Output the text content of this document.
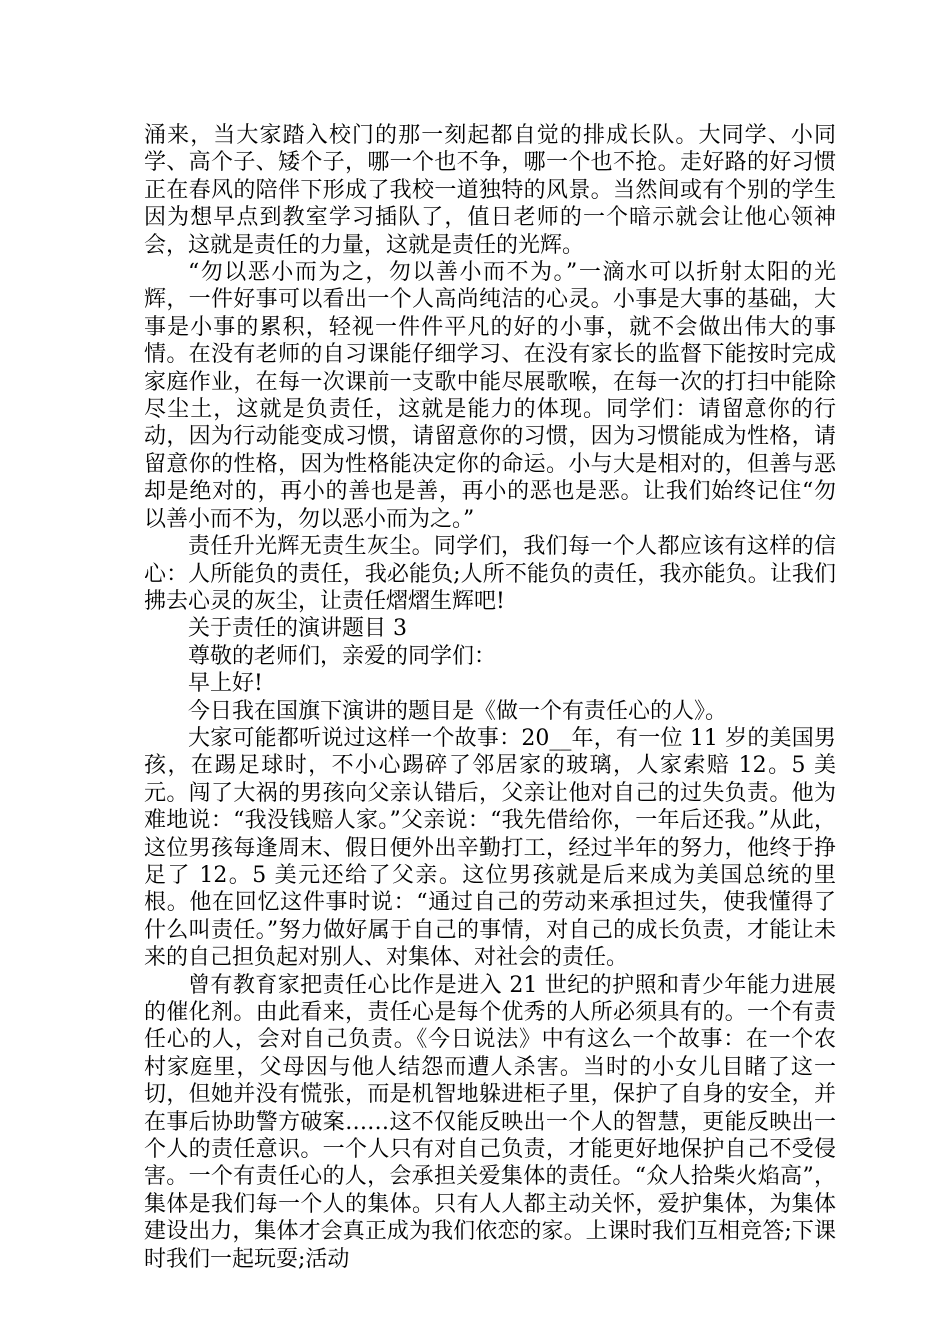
涌来，当大家踏入校门的那一刻起都自觉的排成长队。大同学、小同学、高个子、矮个子，哪一个也不争，哪一个也不抢。走好路的好习惯正在春风的陪伴下形成了我校一道独特的风景。当然间或有个别的学生因为想早点到教室学习插队了，值日老师的一个暗示就会让他心领神会，这就是责任的力量，这就是责任的光辉。

“勿以恶小而为之，勿以善小而不为。”一滴水可以折射太阳的光辉，一件好事可以看出一个人高尚纯洁的心灵。小事是大事的基础，大事是小事的累积，轻视一件件平凡的好的小事，就不会做出伟大的事情。在没有老师的自习课能仔细学习、在没有家长的监督下能按时完成家庭作业，在每一次课前一支歌中能尽展歌喉，在每一次的打扫中能除尽尘土，这就是负责任，这就是能力的体现。同学们：请留意你的行动，因为行动能变成习惯，请留意你的习惯，因为习惯能成为性格，请留意你的性格，因为性格能决定你的命运。小与大是相对的，但善与恶却是绝对的，再小的善也是善，再小的恶也是恶。让我们始终记住“勿以善小而不为，勿以恶小而为之。”

责任升光辉无责生灰尘。同学们，我们每一个人都应该有这样的信心：人所能负的责任，我必能负;人所不能负的责任，我亦能负。让我们拂去心灵的灰尘，让责任熠熠生辉吧!

关于责任的演讲题目 3

尊敬的老师们，亲爱的同学们：

早上好!

今日我在国旗下演讲的题目是《做一个有责任心的人》。

大家可能都听说过这样一个故事：20__年，有一位 11 岁的美国男孩，在踢足球时，不小心踢碎了邻居家的玻璃，人家索赔 12。5 美元。闯了大祸的男孩向父亲认错后，父亲让他对自己的过失负责。他为难地说：“我没钱赔人家。”父亲说：“我先借给你，一年后还我。”从此，这位男孩每逢周末、假日便外出辛勤打工，经过半年的努力，他终于挣足了 12。5 美元还给了父亲。这位男孩就是后来成为美国总统的里根。他在回忆这件事时说：“通过自己的劳动来承担过失，使我懂得了什么叫责任。”努力做好属于自己的事情，对自己的成长负责，才能让未来的自己担负起对别人、对集体、对社会的责任。

曾有教育家把责任心比作是进入 21 世纪的护照和青少年能力进展的催化剂。由此看来，责任心是每个优秀的人所必须具有的。一个有责任心的人，会对自己负责。《今日说法》中有这么一个故事：在一个农村家庭里，父母因与他人结怨而遭人杀害。当时的小女儿目睹了这一切，但她并没有慌张，而是机智地躲进柜子里，保护了自身的安全，并在事后协助警方破案……这不仅能反映出一个人的智慧，更能反映出一个人的责任意识。一个人只有对自己负责，才能更好地保护自己不受侵害。一个有责任心的人，会承担关爱集体的责任。“众人拾柴火焰高”，集体是我们每一个人的集体。只有人人都主动关怀，爱护集体，为集体建设出力，集体才会真正成为我们依恋的家。上课时我们互相竞答;下课时我们一起玩耍;活动
